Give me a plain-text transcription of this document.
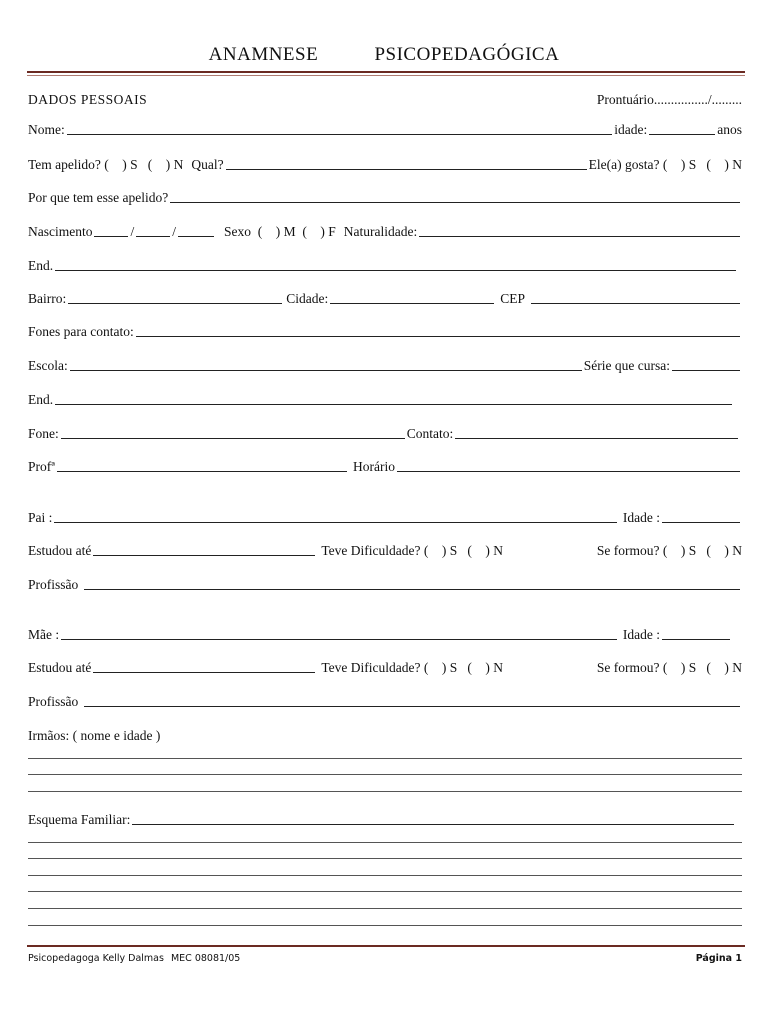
ANAMNESE     PSICOPEDAGÓGICA
DADOS PESSOAIS	Prontuário................/.........
Nome:	idade:	anos
Tem apelido? (    ) S   (    ) N Qual?	Ele(a) gosta? (    ) S   (    ) N
Por que tem esse apelido?
Nascimento	/	/	Sexo  (    ) M  (    ) F Naturalidade:
End.
Bairro:	Cidade:	CEP
Fones para contato:
Escola:	Série que cursa:
End.
Fone:	Contato:
Profª	Horário
Pai :	Idade :
Estudou até	Teve Dificuldade? (    ) S   (    ) N	Se formou? (    ) S   (    ) N
Profissão
Mãe :	Idade :
Estudou até	Teve Dificuldade? (    ) S   (    ) N	Se formou? (    ) S   (    ) N
Profissão
Irmãos: ( nome e idade )
Esquema Familiar:
Psicopedagoga Kelly Dalmas MEC 08081/05	Página 1
